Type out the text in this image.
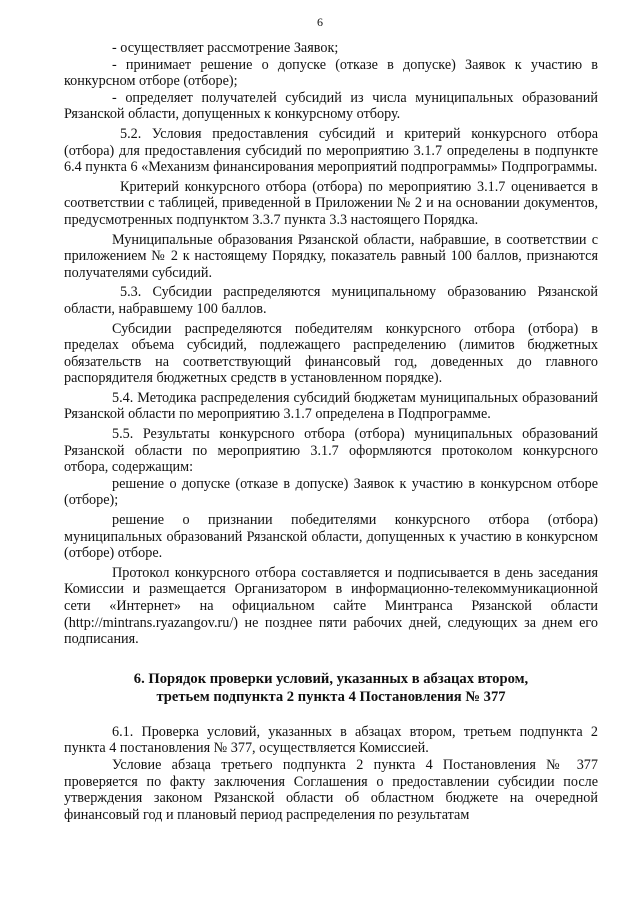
6

- осуществляет рассмотрение Заявок;

- принимает решение о допуске (отказе в допуске) Заявок к участию в конкурсном отборе (отборе);

- определяет получателей субсидий из числа муниципальных образований Рязанской области, допущенных к конкурсному отбору.

5.2. Условия предоставления субсидий и критерий конкурсного отбора (отбора) для предоставления субсидий по мероприятию 3.1.7 определены в подпункте 6.4 пункта 6 «Механизм финансирования мероприятий подпрограммы» Подпрограммы.

Критерий конкурсного отбора (отбора) по мероприятию 3.1.7 оценивается в соответствии с таблицей, приведенной в Приложении № 2 и на основании документов, предусмотренных подпунктом 3.3.7 пункта 3.3 настоящего Порядка.

Муниципальные образования Рязанской области, набравшие, в соответствии с приложением № 2 к настоящему Порядку, показатель равный 100 баллов, признаются получателями субсидий.

5.3. Субсидии распределяются муниципальному образованию Рязанской области, набравшему 100 баллов.

Субсидии распределяются победителям конкурсного отбора (отбора) в пределах объема субсидий, подлежащего распределению (лимитов бюджетных обязательств на соответствующий финансовый год, доведенных до главного распорядителя бюджетных средств в установленном порядке).

5.4. Методика распределения субсидий бюджетам муниципальных образований Рязанской области по мероприятию 3.1.7 определена в Подпрограмме.

5.5. Результаты конкурсного отбора (отбора) муниципальных образований Рязанской области по мероприятию 3.1.7 оформляются протоколом конкурсного отбора, содержащим:

решение о допуске (отказе в допуске) Заявок к участию в конкурсном отборе (отборе);

решение о признании победителями конкурсного отбора (отбора) муниципальных образований Рязанской области, допущенных к участию в конкурсном (отборе) отборе.

Протокол конкурсного отбора составляется и подписывается в день заседания Комиссии и размещается Организатором в информационно-телекоммуникационной сети «Интернет» на официальном сайте Минтранса Рязанской области (http://mintrans.ryazangov.ru/) не позднее пяти рабочих дней, следующих за днем его подписания.

6. Порядок проверки условий, указанных в абзацах втором,
третьем подпункта 2 пункта 4 Постановления № 377

6.1. Проверка условий, указанных в абзацах втором, третьем подпункта 2 пункта 4 постановления № 377, осуществляется Комиссией.

Условие абзаца третьего подпункта 2 пункта 4 Постановления № 377 проверяется по факту заключения Соглашения о предоставлении субсидии после утверждения законом Рязанской области об областном бюджете на очередной финансовый год и плановый период распределения по результатам
